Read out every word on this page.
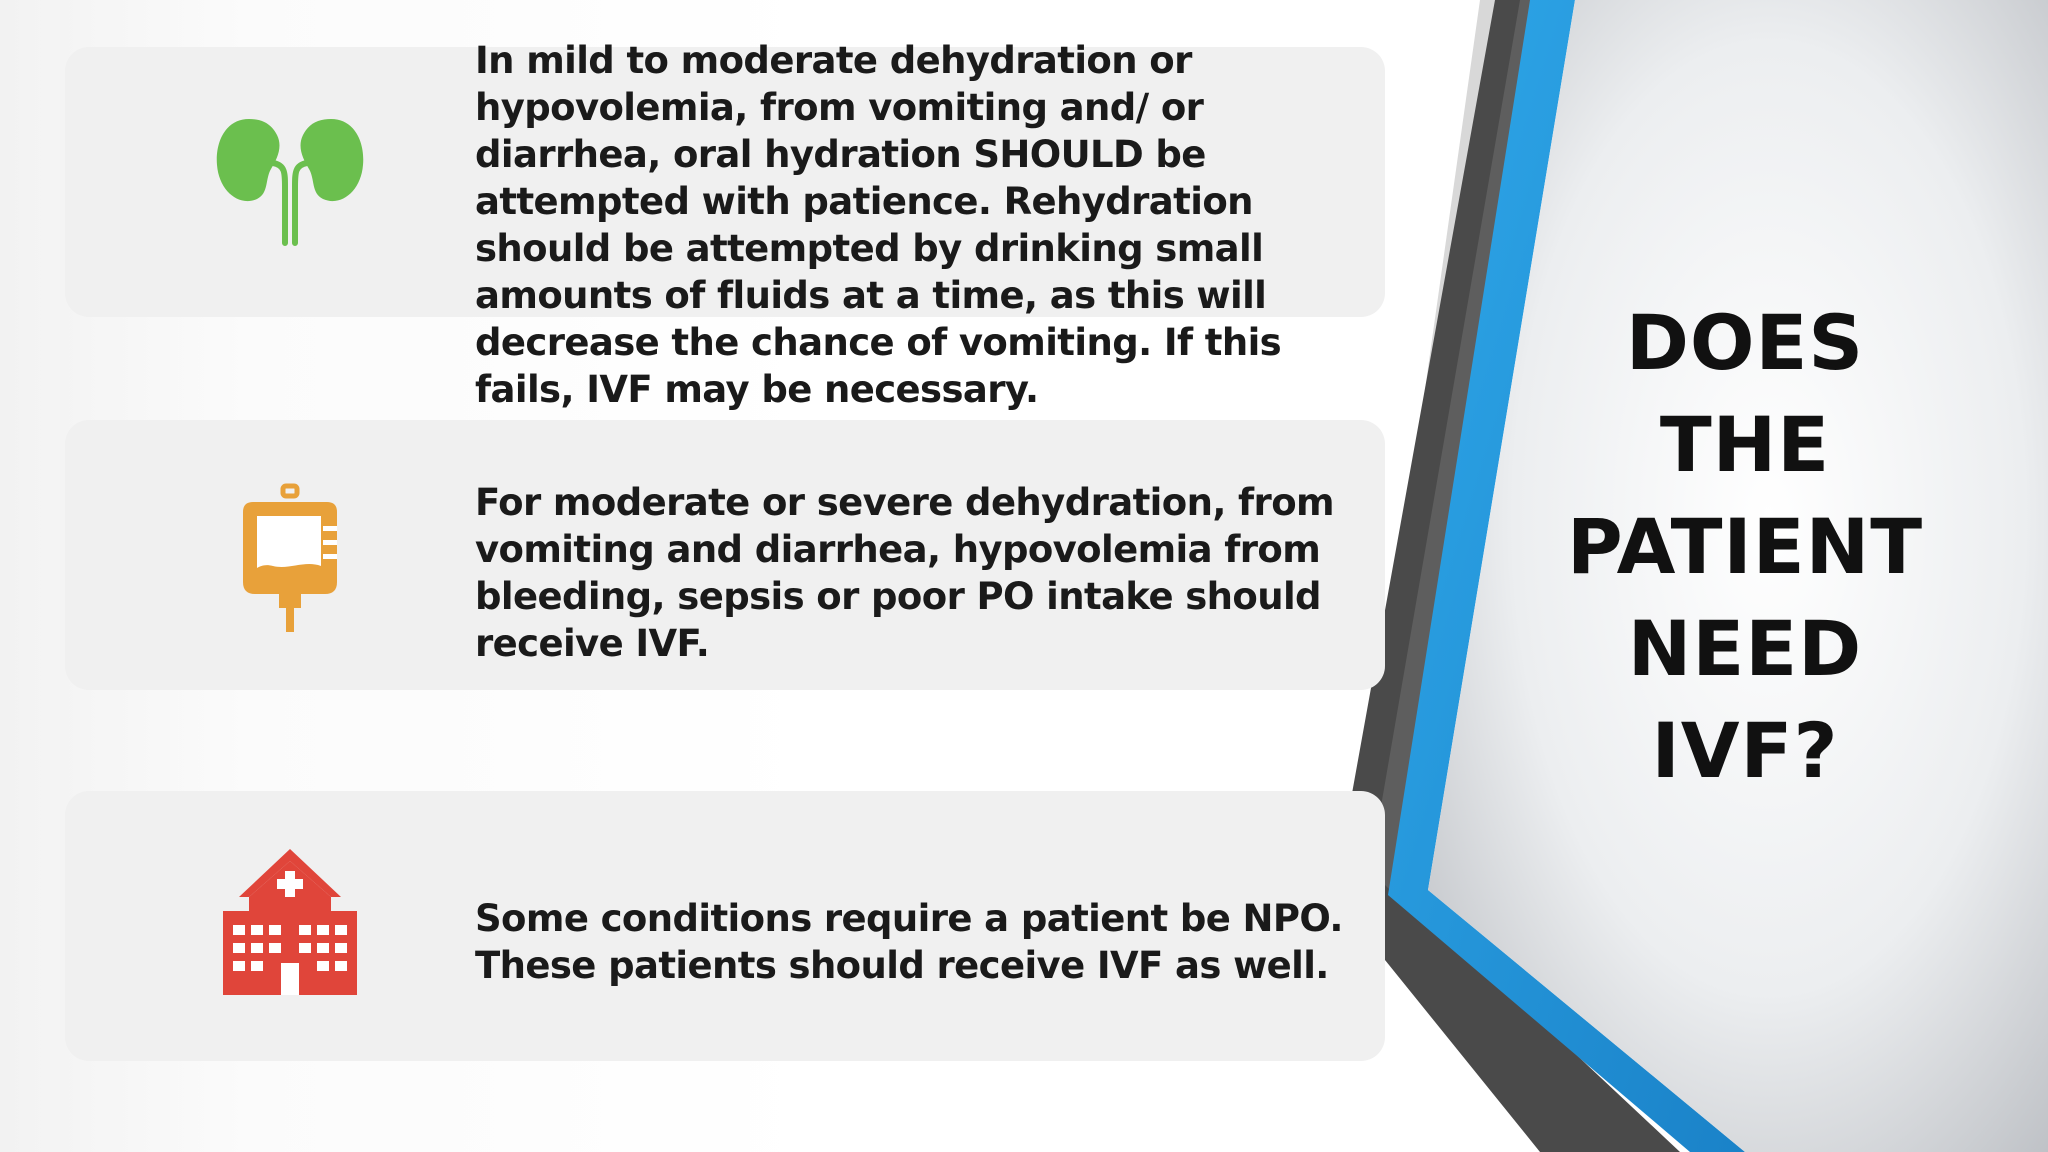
In mild to moderate dehydration or hypovolemia, from vomiting and/ or diarrhea, oral hydration SHOULD be attempted with patience. Rehydration should be attempted by drinking small amounts of fluids at a time, as this will decrease the chance of vomiting. If this fails, IVF may be necessary.

For moderate or severe dehydration, from vomiting and diarrhea, hypovolemia from bleeding, sepsis or poor PO intake should receive IVF.

Some conditions require a patient be NPO. These patients should receive IVF as well.

DOES
THE
PATIENT
NEED
IVF?
